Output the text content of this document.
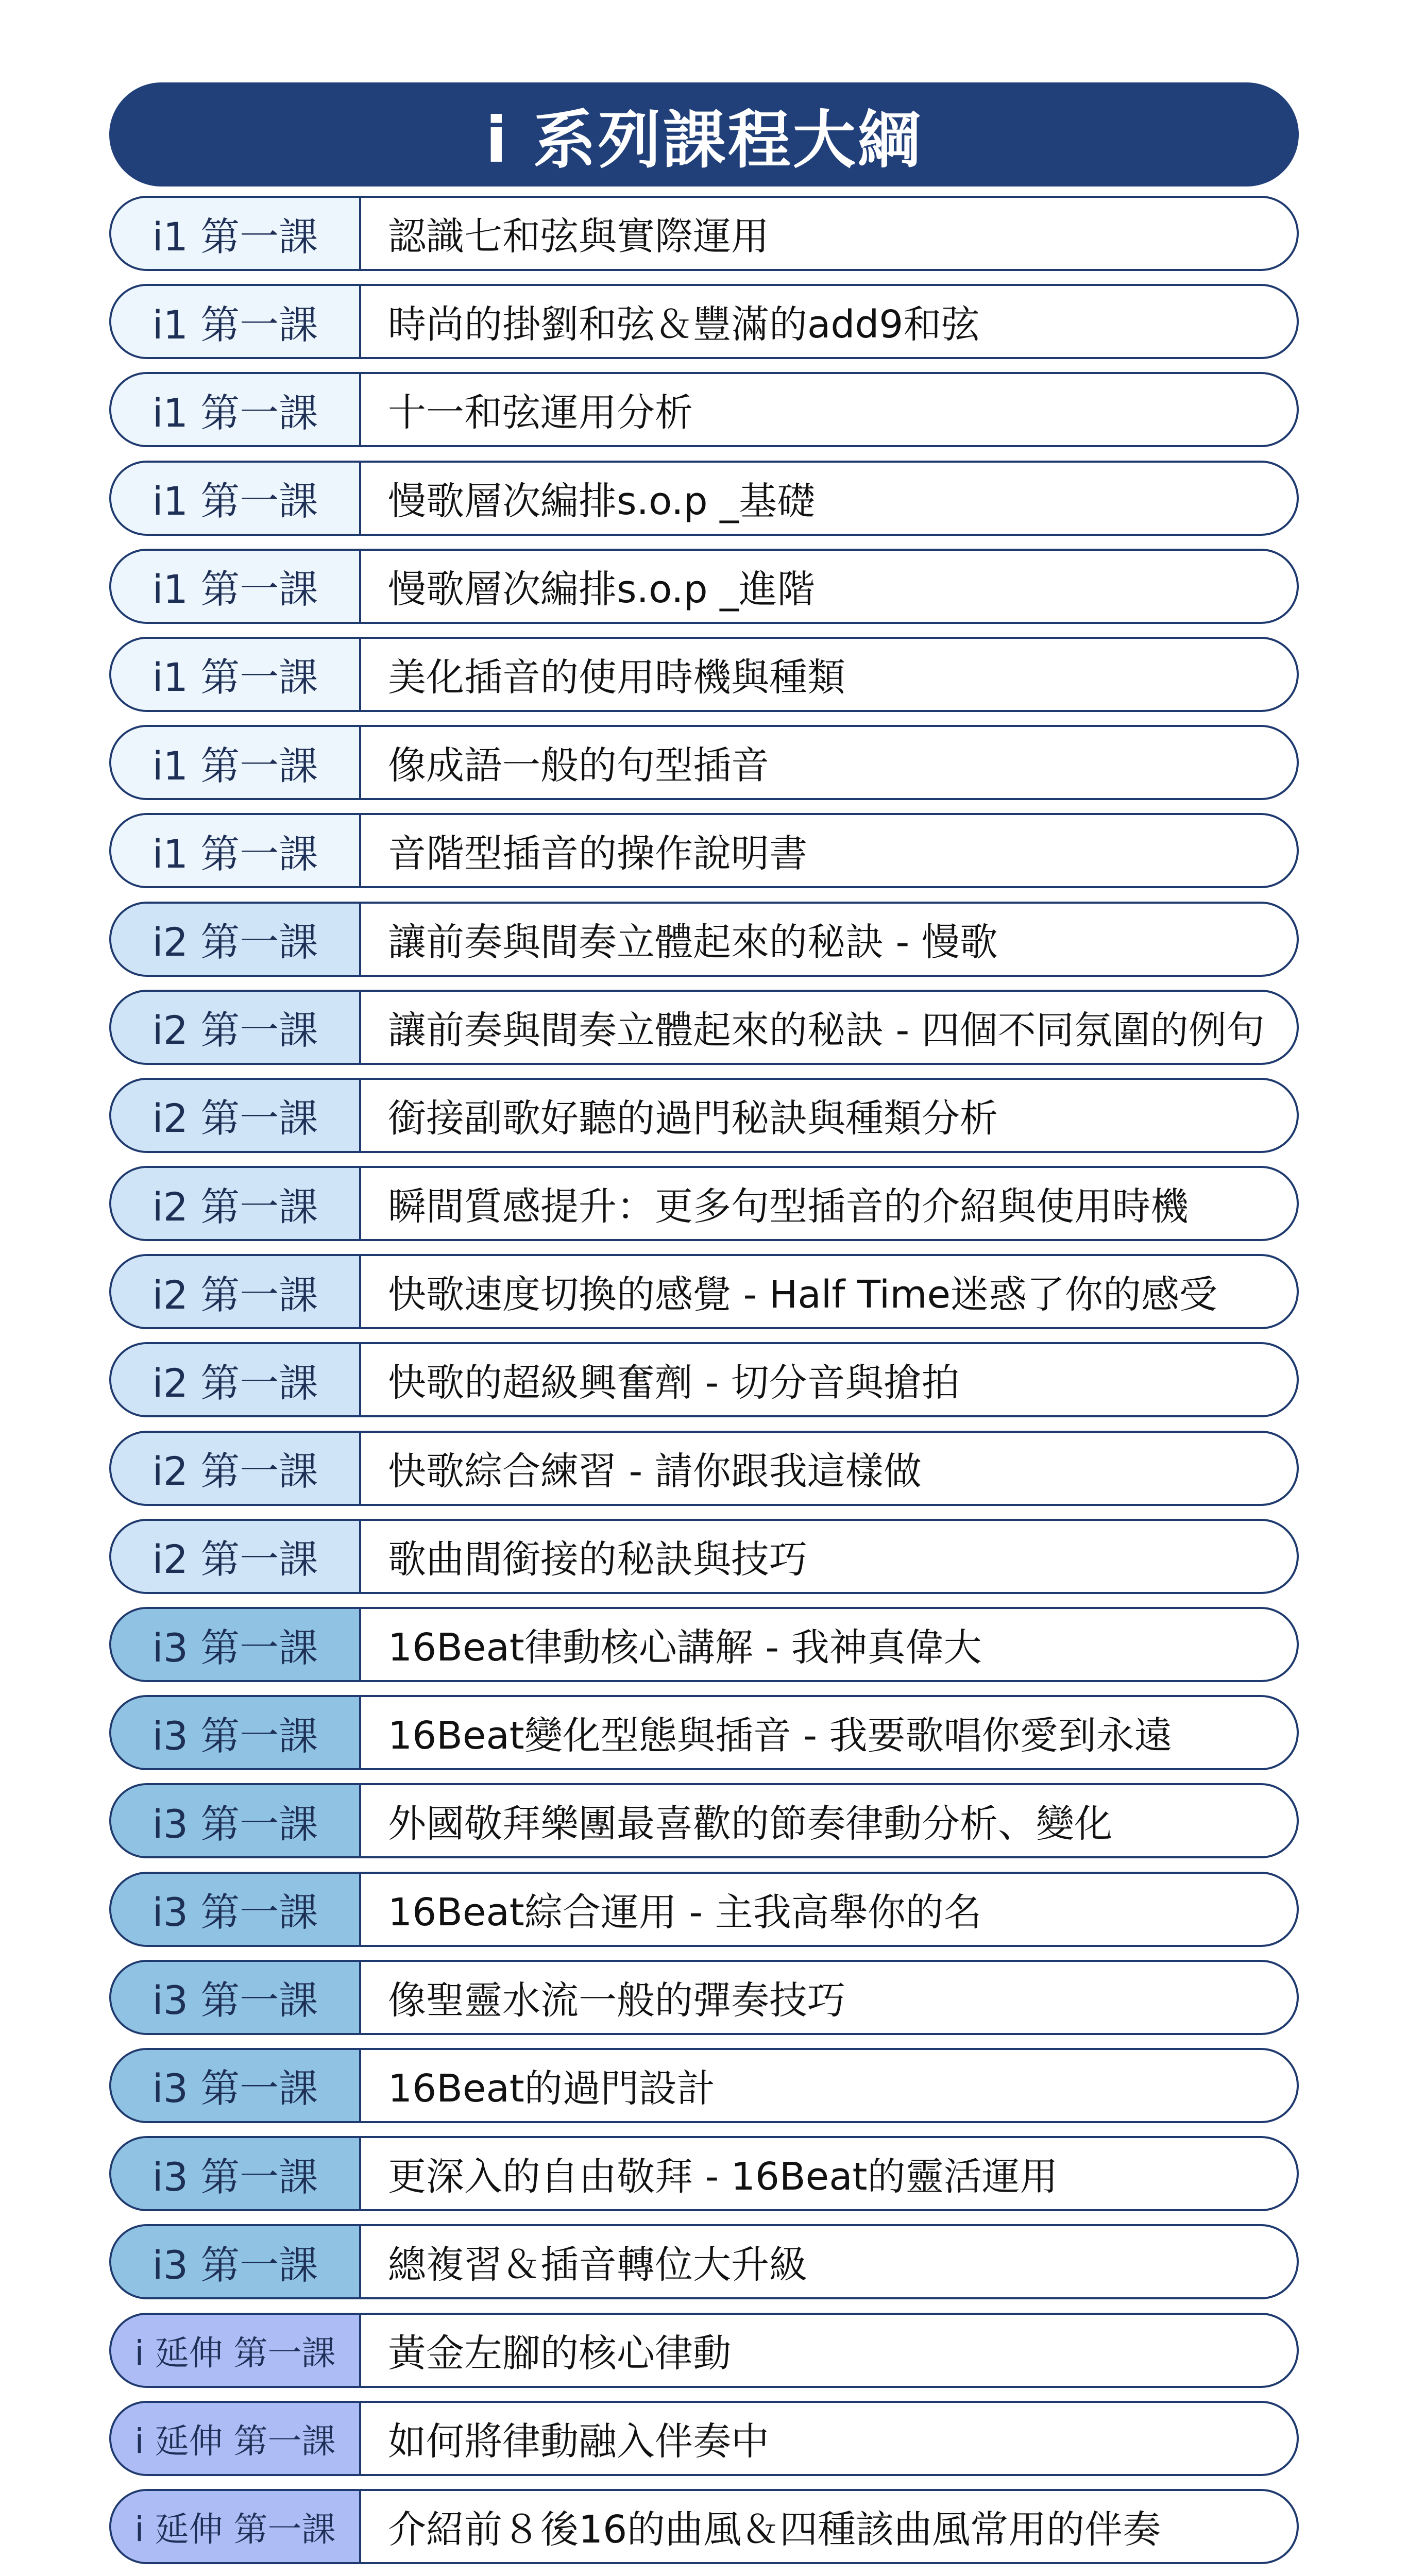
i 系列課程大綱
i1 第一課	認識七和弦與實際運用
i1 第一課	時尚的掛劉和弦＆豐滿的add9和弦
i1 第一課	十一和弦運用分析
i1 第一課	慢歌層次編排s.o.p _基礎
i1 第一課	慢歌層次編排s.o.p _進階
i1 第一課	美化插音的使用時機與種類
i1 第一課	像成語一般的句型插音
i1 第一課	音階型插音的操作說明書
i2 第一課	讓前奏與間奏立體起來的秘訣 - 慢歌
i2 第一課	讓前奏與間奏立體起來的秘訣 - 四個不同氛圍的例句
i2 第一課	銜接副歌好聽的過門秘訣與種類分析
i2 第一課	瞬間質感提升：更多句型插音的介紹與使用時機
i2 第一課	快歌速度切換的感覺 - Half Time迷惑了你的感受
i2 第一課	快歌的超級興奮劑 - 切分音與搶拍
i2 第一課	快歌綜合練習 - 請你跟我這樣做
i2 第一課	歌曲間銜接的秘訣與技巧
i3 第一課	16Beat律動核心講解 - 我神真偉大
i3 第一課	16Beat變化型態與插音 - 我要歌唱你愛到永遠
i3 第一課	外國敬拜樂團最喜歡的節奏律動分析、變化
i3 第一課	16Beat綜合運用 - 主我高舉你的名
i3 第一課	像聖靈水流一般的彈奏技巧
i3 第一課	16Beat的過門設計
i3 第一課	更深入的自由敬拜 - 16Beat的靈活運用
i3 第一課	總複習＆插音轉位大升級
i 延伸 第一課	黃金左腳的核心律動
i 延伸 第一課	如何將律動融入伴奏中
i 延伸 第一課	介紹前８後16的曲風＆四種該曲風常用的伴奏
